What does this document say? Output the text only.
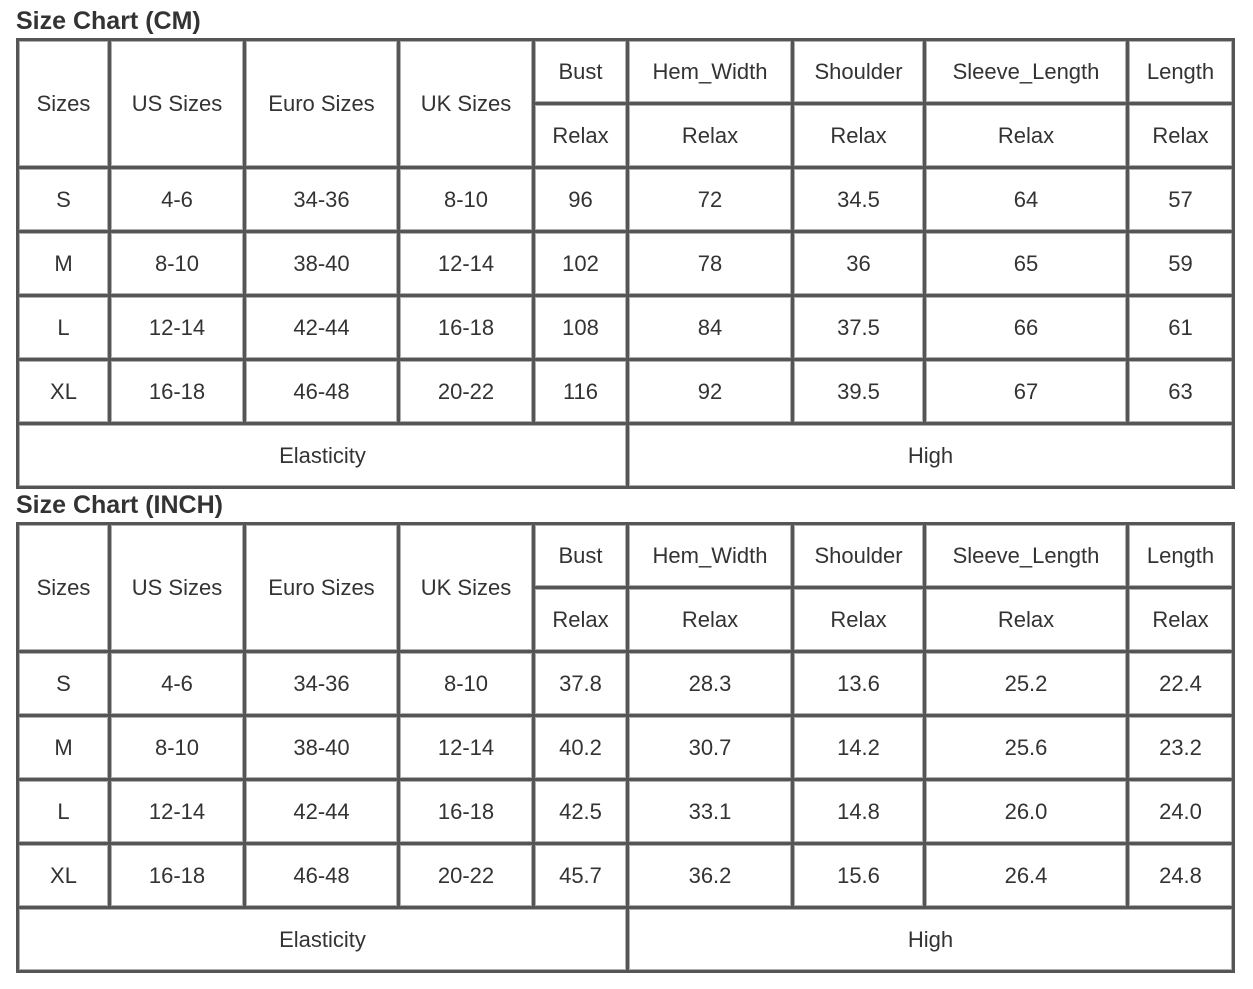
Size Chart (CM)
Sizes	US Sizes	Euro Sizes	UK Sizes	Bust	Hem_Width	Shoulder	Sleeve_Length	Length
				Relax	Relax	Relax	Relax	Relax
S	4-6	34-36	8-10	96	72	34.5	64	57
M	8-10	38-40	12-14	102	78	36	65	59
L	12-14	42-44	16-18	108	84	37.5	66	61
XL	16-18	46-48	20-22	116	92	39.5	67	63
Elasticity					High			
Size Chart (INCH)
Sizes	US Sizes	Euro Sizes	UK Sizes	Bust	Hem_Width	Shoulder	Sleeve_Length	Length
				Relax	Relax	Relax	Relax	Relax
S	4-6	34-36	8-10	37.8	28.3	13.6	25.2	22.4
M	8-10	38-40	12-14	40.2	30.7	14.2	25.6	23.2
L	12-14	42-44	16-18	42.5	33.1	14.8	26.0	24.0
XL	16-18	46-48	20-22	45.7	36.2	15.6	26.4	24.8
Elasticity					High			
